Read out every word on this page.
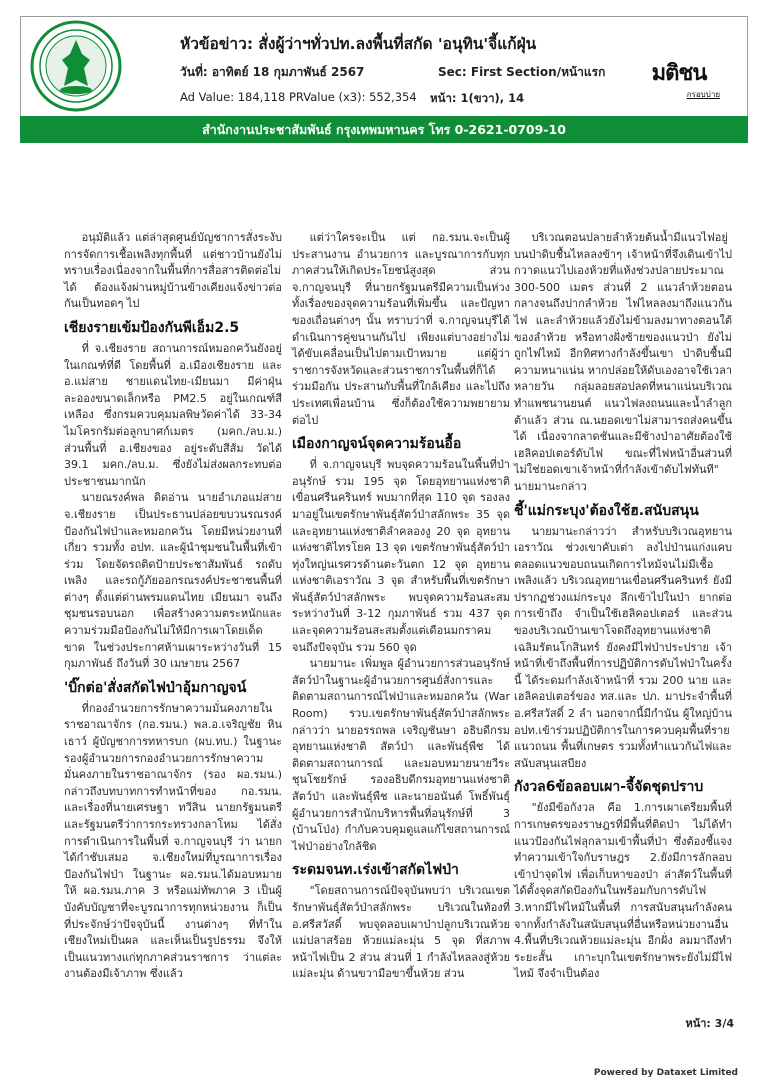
หัวข้อข่าว: สั่งผู้ว่าฯทั่วปท.ลงพื้นที่สกัด 'อนุทิน'จี้แก้ฝุ่น
วันที่: อาทิตย์ 18 กุมภาพันธ์ 2567	Sec: First Section/หน้าแรก
Ad Value: 184,118 PRValue (x3): 552,354 หน้า: 1(ขวา), 14
มติชน
กรอบบ่าย
สำนักงานประชาสัมพันธ์ กรุงเทพมหานคร โทร 0-2621-0709-10

อนุมัติแล้ว แต่ล่าสุดศูนย์บัญชาการสั่งระงับการจัดการเชื้อเพลิงทุกพื้นที่ แต่ชาวบ้านยังไม่ทราบเรื่องเนื่องจากในพื้นที่การสื่อสารติดต่อไม่ได้ ต้องแจ้งผ่านหมู่บ้านข้างเคียงแจ้งข่าวต่อกันเป็นทอดๆ ไป

เชียงรายเข้มป้องกันพีเอ็ม2.5

ที่ จ.เชียงราย สถานการณ์หมอกควันยังอยู่ในเกณฑ์ที่ดี โดยพื้นที่ อ.เมืองเชียงราย และ อ.แม่สาย ชายแดนไทย-เมียนมา มีค่าฝุ่นละอองขนาดเล็กหรือ PM2.5 อยู่ในเกณฑ์สีเหลือง ซึ่งกรมควบคุมมลพิษวัดค่าได้ 33-34 ไมโครกรัมต่อลูกบาศก์เมตร (มคก./ลบ.ม.) ส่วนพื้นที่ อ.เชียงของ อยู่ระดับสีส้ม วัดได้ 39.1 มคก./ลบ.ม. ซึ่งยังไม่ส่งผลกระทบต่อประชาชนมากนัก

นายณรงค์พล ดิดอ่าน นายอำเภอแม่สาย จ.เชียงราย เป็นประธานปล่อยขบวนรณรงค์ป้องกันไฟป่าและหมอกควัน โดยมีหน่วยงานที่เกี่ยว รวมทั้ง อปท. และผู้นำชุมชนในพื้นที่เข้าร่วม โดยจัดรถติดป้ายประชาสัมพันธ์ รถดับเพลิง และรถกู้ภัยออกรณรงค์ประชาชนพื้นที่ต่างๆ ตั้งแต่ด่านพรมแดนไทย เมียนมา จนถึงชุมชนรอบนอก เพื่อสร้างความตระหนักและความร่วมมือป้องกันไม่ให้มีการเผาโดยเด็ดขาด ในช่วงประกาศห้ามเผาระหว่างวันที่ 15 กุมภาพันธ์ ถึงวันที่ 30 เมษายน 2567

'บิ๊กต่อ'สั่งสกัดไฟป่าอุ้มกาญจน์

ที่กองอำนวยการรักษาความมั่นคงภายในราชอาณาจักร (กอ.รมน.) พล.อ.เจริญชัย หินเธาว์ ผู้บัญชาการทหารบก (ผบ.ทบ.) ในฐานะ รองผู้อำนวยการกองอำนวยการรักษาความมั่นคงภายในราชอาณาจักร (รอง ผอ.รมน.) กล่าวถึงบทบาทการทำหน้าที่ของ กอ.รมน. และเรื่องที่นายเศรษฐา ทวีสิน นายกรัฐมนตรีและรัฐมนตรีว่าการกระทรวงกลาโหม ได้สั่งการดำเนินการในพื้นที่ จ.กาญจนบุรี ว่า นายกได้กำชับเสมอ จ.เชียงใหม่ที่บูรณาการเรื่องป้องกันไฟป่า ในฐานะ ผอ.รมน.ได้มอบหมายให้ ผอ.รมน.ภาค 3 หรือแม่ทัพภาค 3 เป็นผู้บังคับบัญชาที่จะบูรณาการทุกหน่วยงาน ก็เป็นที่ประจักษ์ว่าปัจจุบันนี้ งานต่างๆ ที่ทำในเชียงใหม่เป็นผล และเห็นเป็นรูปธรรม จึงให้เป็นแนวทางแก่ทุกภาคส่วนราชการ ว่าแต่ละงานต้องมีเจ้าภาพ ซึ่งแล้ว

แต่ว่าใครจะเป็น แต่ กอ.รมน.จะเป็นผู้ประสานงาน อำนวยการ และบูรณาการกับทุกภาคส่วนให้เกิดประโยชน์สูงสุด ส่วน จ.กาญจนบุรี ที่นายกรัฐมนตรีมีความเป็นห่วง ทั้งเรื่องของจุดความร้อนที่เพิ่มขึ้น และปัญหาของเถื่อนต่างๆ นั้น ทราบว่าที่ จ.กาญจนบุรีได้ดำเนินการคู่ขนานกันไป เพียงแต่บางอย่างไม่ได้ขับเคลื่อนเป็นไปตามเป้าหมาย แต่ผู้ว่าราชการจังหวัดและส่วนราชการในพื้นที่ก็ได้ร่วมมือกัน ประสานกับพื้นที่ใกล้เคียง และไปถึงประเทศเพื่อนบ้าน ซึ่งก็ต้องใช้ความพยายามต่อไป

เมืองกาญจน์จุดความร้อนอื้อ

ที่ จ.กาญจนบุรี พบจุดความร้อนในพื้นที่ป่าอนุรักษ์ รวม 195 จุด โดยอุทยานแห่งชาติเขื่อนศรีนครินทร์ พบมากที่สุด 110 จุด รองลงมาอยู่ในเขตรักษาพันธุ์สัตว์ป่าสลักพระ 35 จุด และอุทยานแห่งชาติลำคลองงู 20 จุด อุทยานแห่งชาติไทรโยค 13 จุด เขตรักษาพันธุ์สัตว์ป่าทุ่งใหญ่นเรศวรด้านตะวันตก 12 จุด อุทยานแห่งชาติเอราวัณ 3 จุด สำหรับพื้นที่เขตรักษาพันธุ์สัตว์ป่าสลักพระ พบจุดความร้อนสะสมระหว่างวันที่ 3-12 กุมภาพันธ์ รวม 437 จุด และจุดความร้อนสะสมตั้งแต่เดือนมกราคมจนถึงปัจจุบัน รวม 560 จุด

นายมานะ เพิ่มพูล ผู้อำนวยการส่วนอนุรักษ์สัตว์ป่าในฐานะผู้อำนวยการศูนย์สั่งการและติดตามสถานการณ์ไฟป่าและหมอกควัน (War Room) รวบ.เขตรักษาพันธุ์สัตว์ป่าสลักพระ กล่าวว่า นายอรรถพล เจริญชันษา อธิบดีกรมอุทยานแห่งชาติ สัตว์ป่า และพันธุ์พืช ได้ติดตามสถานการณ์ และมอบหมายนายวีระ ชุนโชยรักษ์ รองอธิบดีกรมอุทยานแห่งชาติ สัตว์ป่า และพันธุ์พืช และนายอนันต์ โพธิ์พันธุ์ ผู้อำนวยการสำนักบริหารพื้นที่อนุรักษ์ที่ 3 (บ้านโป่ง) กำกับควบคุมดูแลแก้ไขสถานการณ์ไฟป่าอย่างใกล้ชิด

ระดมจนท.เร่งเข้าสกัดไฟป่า

"โดยสถานการณ์ปัจจุบันพบว่า บริเวณเขตรักษาพันธุ์สัตว์ป่าสลักพระ บริเวณในท้องที่ อ.ศรีสวัสดิ์ พบจุดลอบเผาป่าปลูกบริเวณห้วยแม่ปลาสร้อย ห้วยแม่ละมุ่น 5 จุด ที่สภาพหน้าไฟเป็น 2 ส่วน ส่วนที่ 1 กำลังไหลลงสู่ห้วยแม่ละมุ่น ด้านขวามือขาขึ้นห้วย ส่วน

บริเวณตอนปลายลำห้วยต้นน้ำมีแนวไฟอยู่บนป่าดิบชื้นไหลลงข้าๆ เจ้าหน้าที่จึงเดินเข้าไปกวาดแนวไปเองห้วยที่แห้งช่วงปลายประมาณ 300-500 เมตร ส่วนที่ 2 แนวลำห้วยตอนกลางจนถึงปากลำห้วย ไฟไหลลงมาถึงแนวกันไฟ และลำห้วยแล้วยังไม่ข้ามลงมาทางตอนใต้ของลำห้วย หรือทางฝั่งซ้ายของแนวป่า ยังไม่ถูกไฟไหม้ อีกทิศทางกำลังขึ้นเขา ป่าดิบชื้นมีความหนาแน่น หากปล่อยให้ดับเองอาจใช้เวลาหลายวัน กลุ่มลอยสอปลดที่หนาแน่นบริเวณ ทำแพชนานยนต์ แนวไฟลงถนนและน้ำลำลูกต้าแล้ว ส่วน ณ.นยอดเขาไม่สามารถส่งคนขึ้นได้ เนื่องจากลาดชันและมีช้างป่าอาศัยต้องใช้เฮลิคอปเตอร์ดับไฟ ขณะที่ไฟหน้าอื่นส่วนที่ไม่ใช่ยอดเขาเจ้าหน้าที่กำลังเข้าดับไฟทันที" นายมานะกล่าว

ชี้'แม่กระบุง'ต้องใช้ฮ.สนับสนุน

นายมานะกล่าวว่า สำหรับบริเวณอุทยานเอราวัณ ช่วงเขาคับเต่า ลงไปป่านแก่งแคบตลอดแนวขอบถนนเกิดการไหม้จนไม่มีเชื้อเพลิงแล้ว บริเวณอุทยานเขื่อนศรีนครินทร์ ยังมีปรากฏช่วงแม่กระบุง ลึกเข้าไปในป่า ยากต่อการเข้าถึง จำเป็นใช้เฮลิคอปเตอร์ และส่วนของบริเวณบ้านเขาโจดถึงอุทยานแห่งชาติเฉลิมรัตนโกสินทร์ ยังคงมีไฟป่าประปราย เจ้าหน้าที่เข้าถึงพื้นที่การปฏิบัติการดับไฟป่าในครั้งนี้ ได้ระดมกำลังเจ้าหน้าที่ รวม 200 นาย และเฮลิคอปเตอร์ของ ทส.และ ปภ. มาประจำพื้นที่ อ.ศรีสวัสดิ์ 2 ลำ นอกจากนี้มีกำนัน ผู้ใหญ่บ้าน อปท.เข้าร่วมปฏิบัติการในการควบคุมพื้นที่รายแนวถนน พื้นที่เกษตร รวมทั้งทำแนวกันไฟและสนับสนุนเสบียง

กังวล6ข้อลอบเผา-จี้จัดชุดปราบ

"ยังมีข้อกังวล คือ 1.การเผาเตรียมพื้นที่การเกษตรของราษฎรที่มีพื้นที่ติดป่า ไม่ได้ทำแนวป้องกันไฟลุกลามเข้าพื้นที่ป่า ซึ่งต้องชี้แจงทำความเข้าใจกับราษฎร 2.ยังมีการลักลอบเข้าป่าจุดไฟ เพื่อเก็บหาของป่า ล่าสัตว์ในพื้นที่ ได้ตั้งจุดสกัดป้องกันในพร้อมกับการดับไฟ 3.หากมีไฟไหม้ในพื้นที่ การสนับสนุนกำลังคนจากทั้งกำลังในสนับสนุนที่อื่นหรือหน่วยงานอื่น 4.พื้นที่บริเวณห้วยแม่ละมุ่น อีกฝั่ง ลมมาถึงทำระยะสั้น เกาะบุกในเขตรักษาพระยังไม่มีไฟไหม้ จึงจำเป็นต้อง

หน้า: 3/4
Powered by Dataxet Limited
